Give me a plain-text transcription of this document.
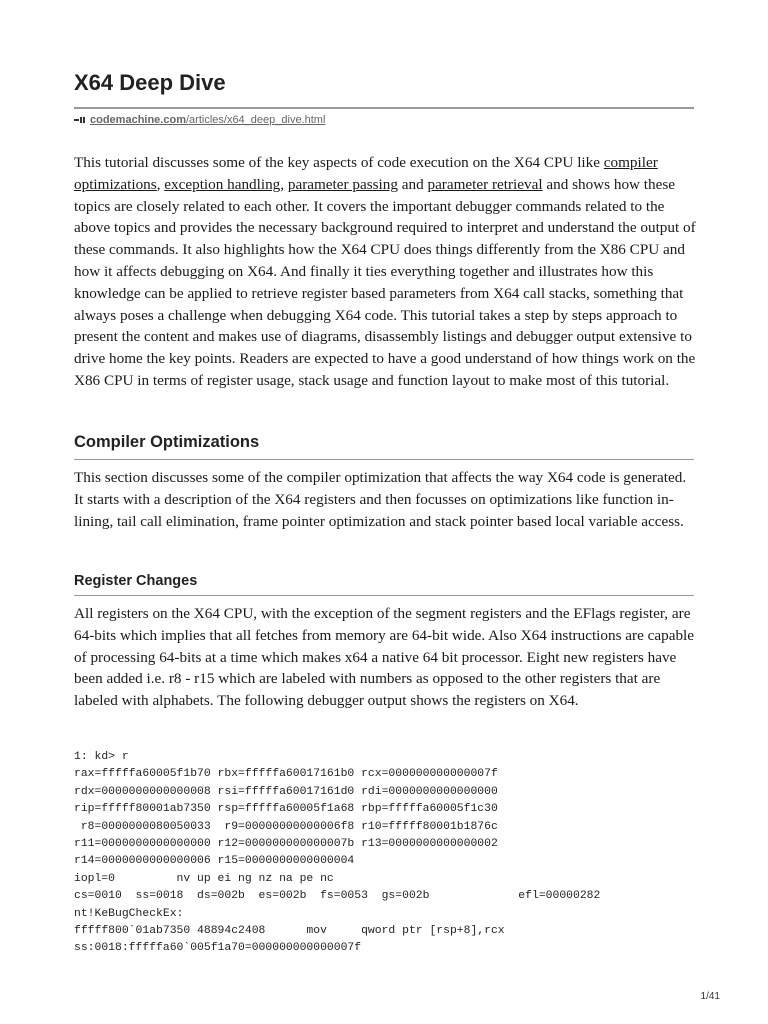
X64 Deep Dive
codemachine.com/articles/x64_deep_dive.html

This tutorial discusses some of the key aspects of code execution on the X64 CPU like compiler optimizations, exception handling, parameter passing and parameter retrieval and shows how these topics are closely related to each other. It covers the important debugger commands related to the above topics and provides the necessary background required to interpret and understand the output of these commands. It also highlights how the X64 CPU does things differently from the X86 CPU and how it affects debugging on X64. And finally it ties everything together and illustrates how this knowledge can be applied to retrieve register based parameters from X64 call stacks, something that always poses a challenge when debugging X64 code. This tutorial takes a step by steps approach to present the content and makes use of diagrams, disassembly listings and debugger output extensive to drive home the key points. Readers are expected to have a good understand of how things work on the X86 CPU in terms of register usage, stack usage and function layout to make most of this tutorial.

Compiler Optimizations

This section discusses some of the compiler optimization that affects the way X64 code is generated. It starts with a description of the X64 registers and then focusses on optimizations like function in-lining, tail call elimination, frame pointer optimization and stack pointer based local variable access.

Register Changes

All registers on the X64 CPU, with the exception of the segment registers and the EFlags register, are 64-bits which implies that all fetches from memory are 64-bit wide. Also X64 instructions are capable of processing 64-bits at a time which makes x64 a native 64 bit processor. Eight new registers have been added i.e. r8 - r15 which are labeled with numbers as opposed to the other registers that are labeled with alphabets. The following debugger output shows the registers on X64.

1: kd> r
rax=fffffa60005f1b70 rbx=fffffa60017161b0 rcx=000000000000007f
rdx=0000000000000008 rsi=fffffa60017161d0 rdi=0000000000000000
rip=fffff80001ab7350 rsp=fffffa60005f1a68 rbp=fffffa60005f1c30
r8=0000000080050033  r9=00000000000006f8 r10=fffff80001b1876c
r11=0000000000000000 r12=000000000000007b r13=0000000000000002
r14=0000000000000006 r15=0000000000000004
iopl=0         nv up ei ng nz na pe nc
cs=0010  ss=0018  ds=002b  es=002b  fs=0053  gs=002b             efl=00000282
nt!KeBugCheckEx:
fffff800`01ab7350 48894c2408      mov     qword ptr [rsp+8],rcx
ss:0018:fffffa60`005f1a70=000000000000007f
1/41
